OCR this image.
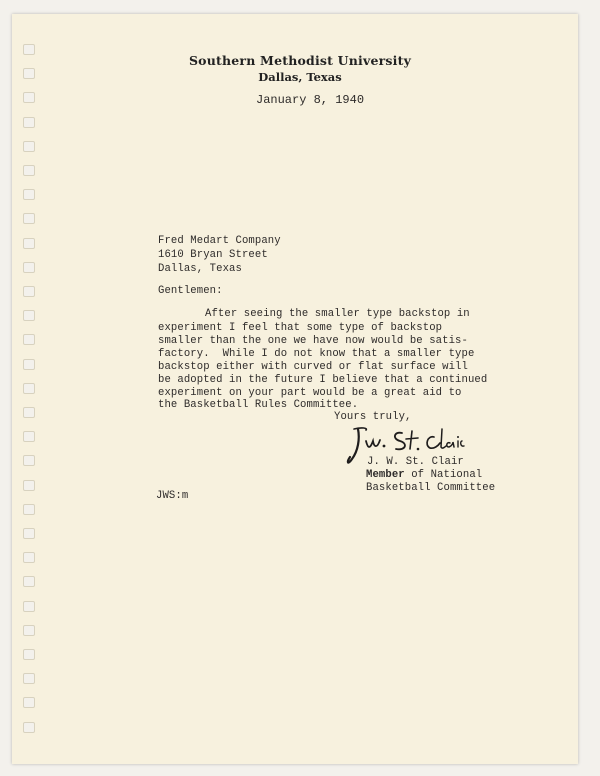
Southern Methodist University
Dallas, Texas
January 8, 1940
Fred Medart Company
1610 Bryan Street
Dallas, Texas
Gentlemen:
After seeing the smaller type backstop in
experiment I feel that some type of backstop
smaller than the one we have now would be satis-
factory.  While I do not know that a smaller type
backstop either with curved or flat surface will
be adopted in the future I believe that a continued
experiment on your part would be a great aid to
the Basketball Rules Committee.
Yours truly,
J. W. St. Clair
Member of National
Basketball Committee
JWS:m
